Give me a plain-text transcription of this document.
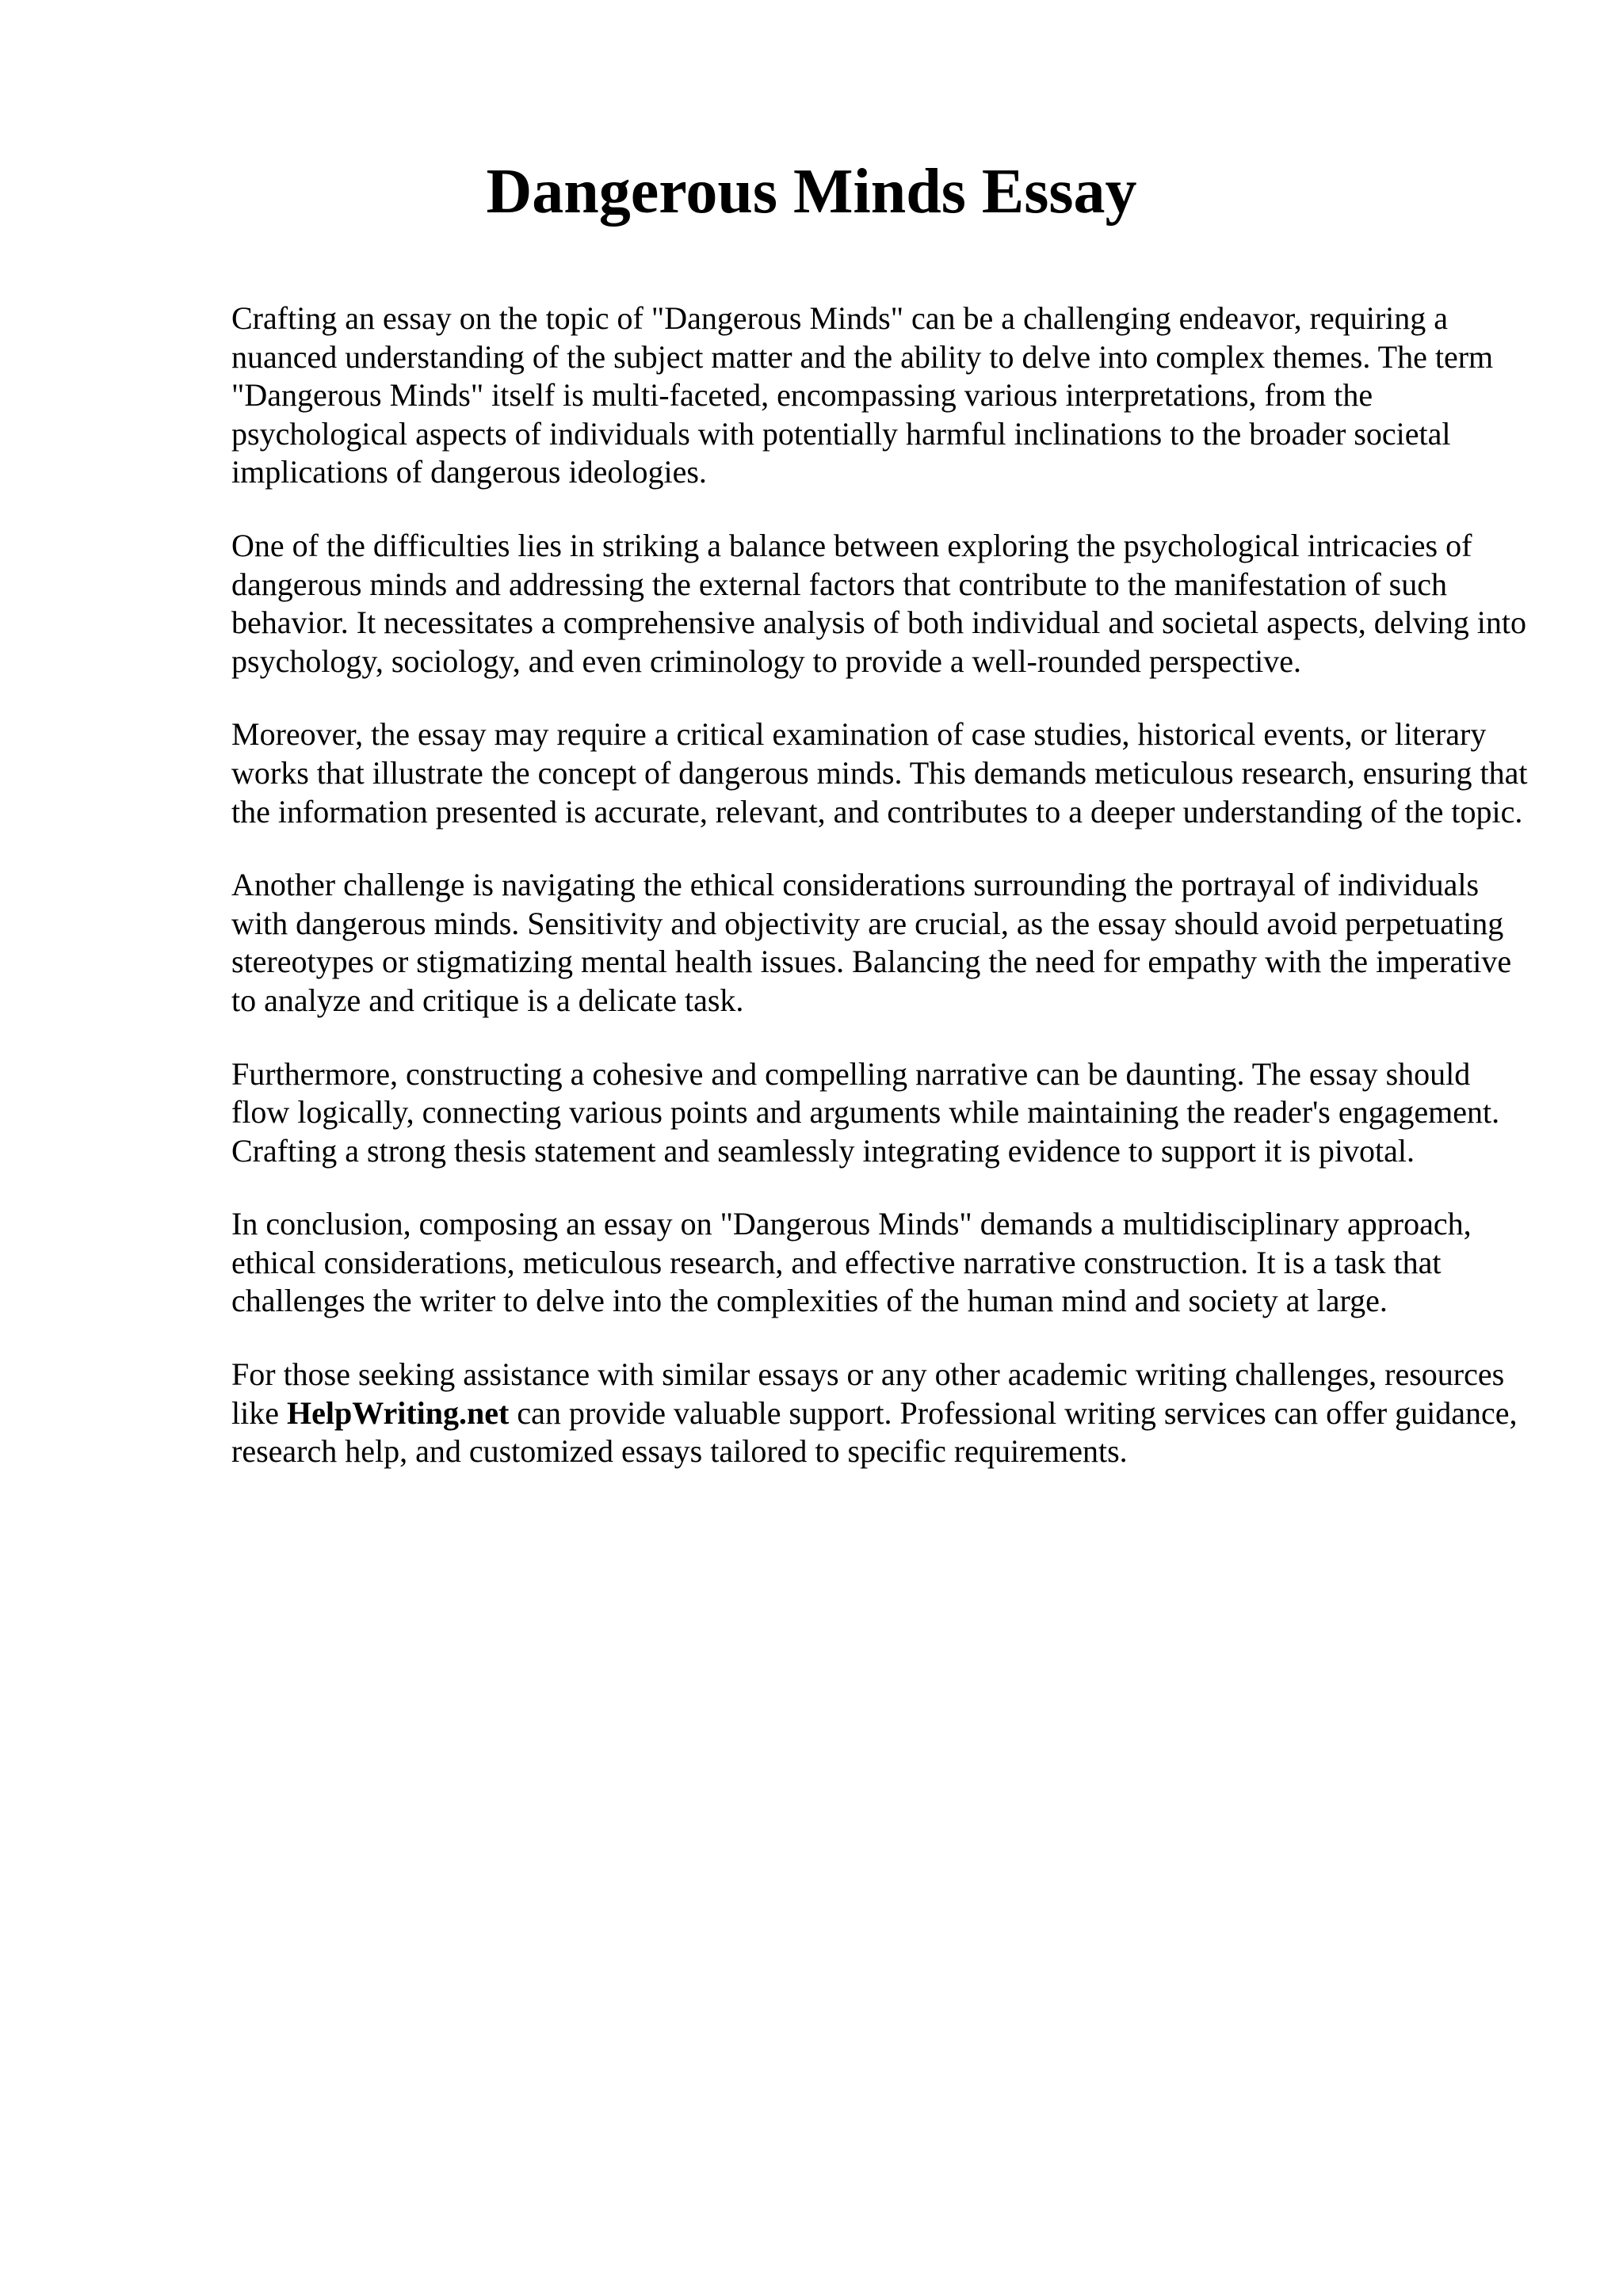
Dangerous Minds Essay

Crafting an essay on the topic of "Dangerous Minds" can be a challenging endeavor, requiring a nuanced understanding of the subject matter and the ability to delve into complex themes. The term "Dangerous Minds" itself is multi-faceted, encompassing various interpretations, from the psychological aspects of individuals with potentially harmful inclinations to the broader societal implications of dangerous ideologies.

One of the difficulties lies in striking a balance between exploring the psychological intricacies of dangerous minds and addressing the external factors that contribute to the manifestation of such behavior. It necessitates a comprehensive analysis of both individual and societal aspects, delving into psychology, sociology, and even criminology to provide a well-rounded perspective.

Moreover, the essay may require a critical examination of case studies, historical events, or literary works that illustrate the concept of dangerous minds. This demands meticulous research, ensuring that the information presented is accurate, relevant, and contributes to a deeper understanding of the topic.

Another challenge is navigating the ethical considerations surrounding the portrayal of individuals with dangerous minds. Sensitivity and objectivity are crucial, as the essay should avoid perpetuating stereotypes or stigmatizing mental health issues. Balancing the need for empathy with the imperative to analyze and critique is a delicate task.

Furthermore, constructing a cohesive and compelling narrative can be daunting. The essay should flow logically, connecting various points and arguments while maintaining the reader's engagement. Crafting a strong thesis statement and seamlessly integrating evidence to support it is pivotal.

In conclusion, composing an essay on "Dangerous Minds" demands a multidisciplinary approach, ethical considerations, meticulous research, and effective narrative construction. It is a task that challenges the writer to delve into the complexities of the human mind and society at large.

For those seeking assistance with similar essays or any other academic writing challenges, resources like HelpWriting.net can provide valuable support. Professional writing services can offer guidance, research help, and customized essays tailored to specific requirements.
